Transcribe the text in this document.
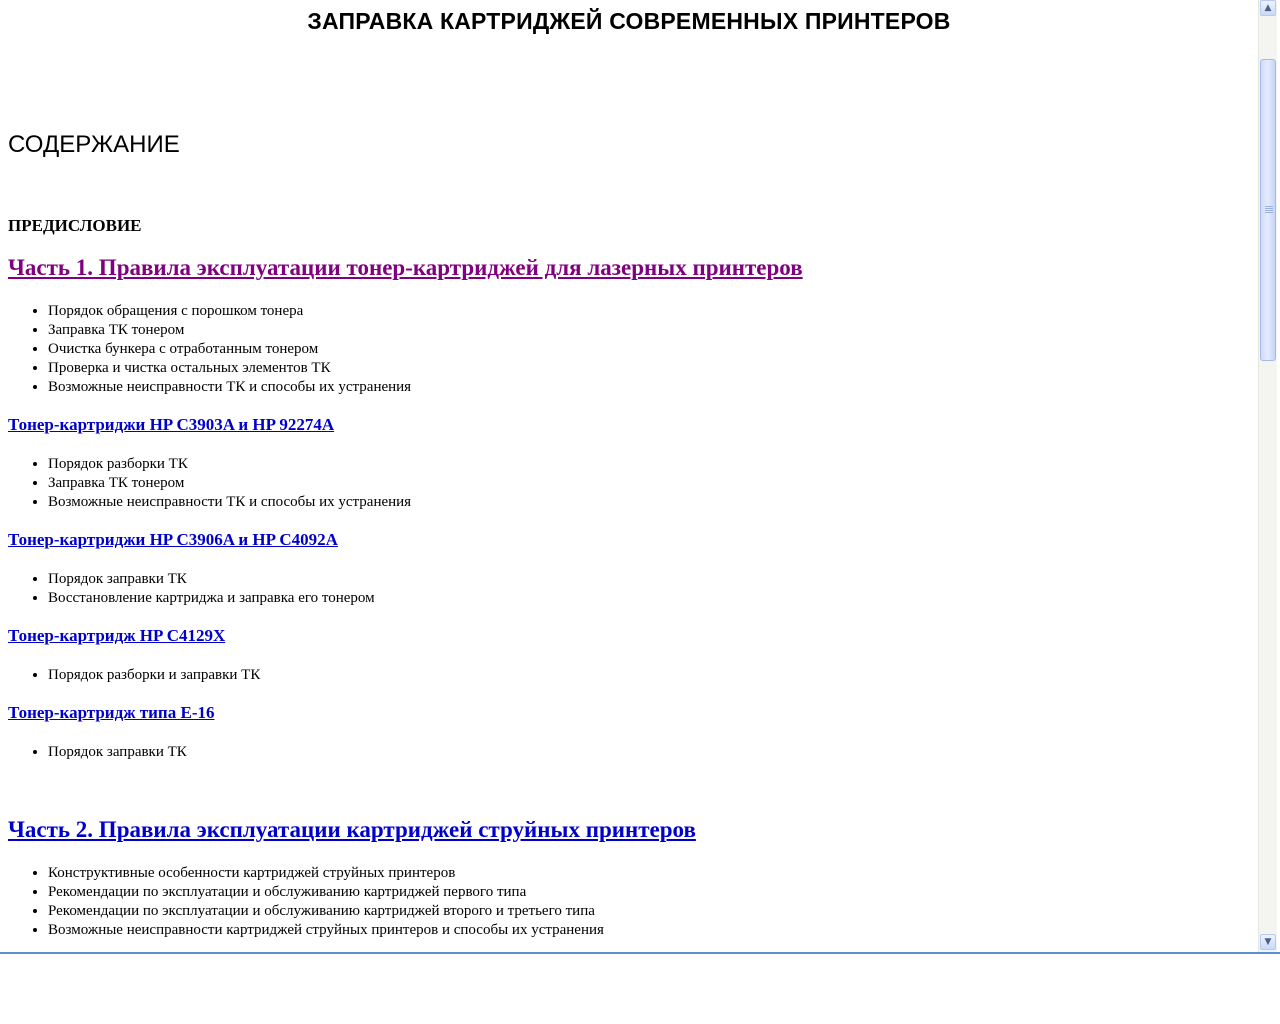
ЗАПРАВКА КАРТРИДЖЕЙ СОВРЕМЕННЫХ ПРИНТЕРОВ
СОДЕРЖАНИЕ
ПРЕДИСЛОВИЕ
Часть 1. Правила эксплуатации тонер-картриджей для лазерных принтеров
• Порядок обращения с порошком тонера
• Заправка ТК тонером
• Очистка бункера с отработанным тонером
• Проверка и чистка остальных элементов ТК
• Возможные неисправности ТК и способы их устранения
Тонер-картриджи HP C3903A и HP 92274A
• Порядок разборки ТК
• Заправка ТК тонером
• Возможные неисправности ТК и способы их устранения
Тонер-картриджи HP C3906A и HP C4092A
• Порядок заправки ТК
• Восстановление картриджа и заправка его тонером
Тонер-картридж HP C4129X
• Порядок разборки и заправки ТК
Тонер-картридж типа E-16
• Порядок заправки ТК
Часть 2. Правила эксплуатации картриджей струйных принтеров
• Конструктивные особенности картриджей струйных принтеров
• Рекомендации по эксплуатации и обслуживанию картриджей первого типа
• Рекомендации по эксплуатации и обслуживанию картриджей второго и третьего типа
• Возможные неисправности картриджей струйных принтеров и способы их устранения
▲
▼
